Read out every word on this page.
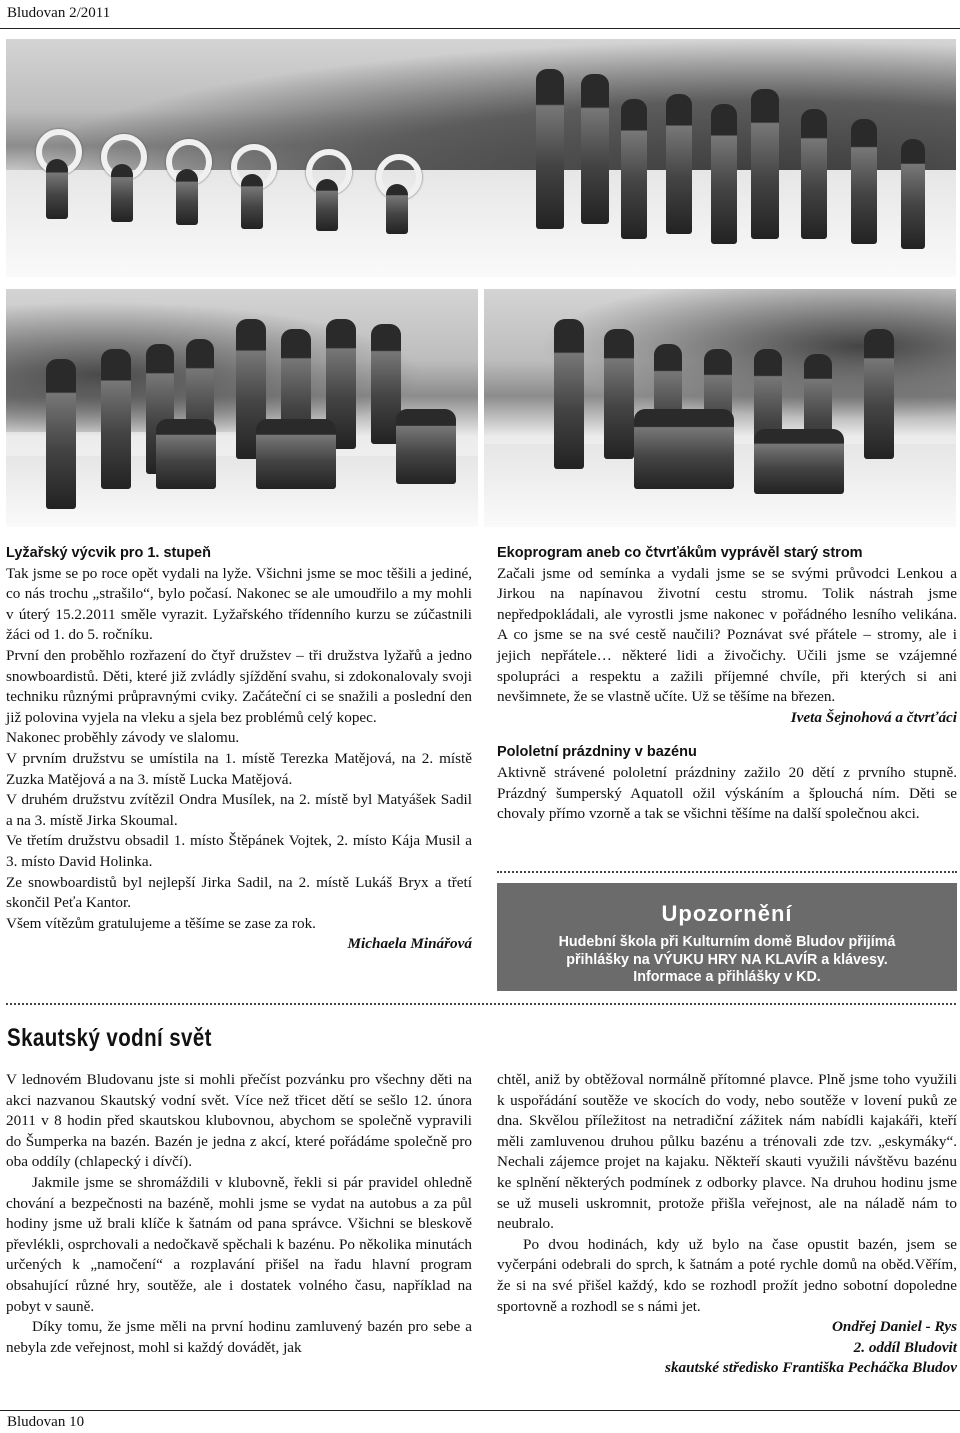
Bludovan 2/2011

Lyžařský výcvik pro 1. stupeň

Tak jsme se po roce opět vydali na lyže. Všichni jsme se moc těšili a jediné, co nás trochu „strašilo“, bylo počasí. Nakonec se ale umoudřilo a my mohli v úterý 15.2.2011 směle vyrazit. Lyžařského třídenního kurzu se zúčastnili žáci od 1. do 5. ročníku.

První den proběhlo rozřazení do čtyř družstev – tři družstva lyžařů a jedno snowboardistů. Děti, které již zvládly sjíždění svahu, si zdokonalovaly svoji techniku různými průpravnými cviky. Začáteční ci se snažili a poslední den již polovina vyjela na vleku a sjela bez problémů celý kopec.

Nakonec proběhly závody ve slalomu.

V prvním družstvu se umístila na 1. místě Terezka Matějová, na 2. místě Zuzka Matějová a na 3. místě Lucka Matějová.

V druhém družstvu zvítězil Ondra Musílek, na 2. místě byl Matyášek Sadil a na 3. místě Jirka Skoumal.

Ve třetím družstvu obsadil 1. místo Štěpánek Vojtek, 2. místo Kája Musil a 3. místo David Holinka.

Ze snowboardistů byl nejlepší Jirka Sadil, na 2. místě Lukáš Bryx a třetí skončil Peťa Kantor.

Všem vítězům gratulujeme a těšíme se zase za rok.

Michaela Minářová

Ekoprogram aneb co čtvrťákům vyprávěl starý strom

Začali jsme od semínka a vydali jsme se se svými průvodci Lenkou a Jirkou na napínavou životní cestu stromu. Tolik nástrah jsme nepředpokládali, ale vyrostli jsme nakonec v pořádného lesního velikána. A co jsme se na své cestě naučili? Poznávat své přátele – stromy, ale i jejich nepřátele… některé lidi a živočichy. Učili jsme se vzájemné spolupráci a respektu a zažili příjemné chvíle, při kterých si ani nevšimnete, že se vlastně učíte. Už se těšíme na březen.

Iveta Šejnohová a čtvrťáci

Pololetní prázdniny v bazénu

Aktivně strávené pololetní prázdniny zažilo 20 dětí z prvního stupně. Prázdný šumperský Aquatoll ožil výskáním a šplouchá ním. Děti se chovaly přímo vzorně a tak se všichni těšíme na další společnou akci.

Upozornění
Hudební škola při Kulturním domě Bludov přijímá
přihlášky na VÝUKU HRY NA KLAVÍR a klávesy.
Informace a přihlášky v KD.
Skautský vodní svět

V lednovém Bludovanu jste si mohli přečíst pozvánku pro všechny děti na akci nazvanou Skautský vodní svět. Více než třicet dětí se sešlo 12. února 2011 v 8 hodin před skautskou klubovnou, abychom se společně vypravili do Šumperka na bazén. Bazén je jedna z akcí, které pořádáme společně pro oba oddíly (chlapecký i dívčí).

Jakmile jsme se shromáždili v klubovně, řekli si pár pravidel ohledně chování a bezpečnosti na bazéně, mohli jsme se vydat na autobus a za půl hodiny jsme už brali klíče k šatnám od pana správce. Všichni se bleskově převlékli, osprchovali a nedočkavě spěchali k bazénu. Po několika minutách určených k „namočení“ a rozplavání přišel na řadu hlavní program obsahující různé hry, soutěže, ale i dostatek volného času, například na pobyt v sauně.

Díky tomu, že jsme měli na první hodinu zamluvený bazén pro sebe a nebyla zde veřejnost, mohl si každý dovádět, jak

chtěl, aniž by obtěžoval normálně přítomné plavce. Plně jsme toho využili k uspořádání soutěže ve skocích do vody, nebo soutěže v lovení puků ze dna. Skvělou příležitost na netradiční zážitek nám nabídli kajakáři, kteří měli zamluvenou druhou půlku bazénu a trénovali zde tzv. „eskymáky“. Nechali zájemce projet na kajaku. Někteří skauti využili návštěvu bazénu ke splnění některých podmínek z odborky plavce. Na druhou hodinu jsme se už museli uskromnit, protože přišla veřejnost, ale na náladě nám to neubralo.

Po dvou hodinách, kdy už bylo na čase opustit bazén, jsem se vyčerpáni odebrali do sprch, k šatnám a poté rychle domů na oběd.Věřím, že si na své přišel každý, kdo se rozhodl prožít jedno sobotní dopoledne sportovně a rozhodl se s námi jet.

Ondřej Daniel - Rys

2. oddíl Bludovit

skautské středisko Františka Pecháčka Bludov

Bludovan 10
